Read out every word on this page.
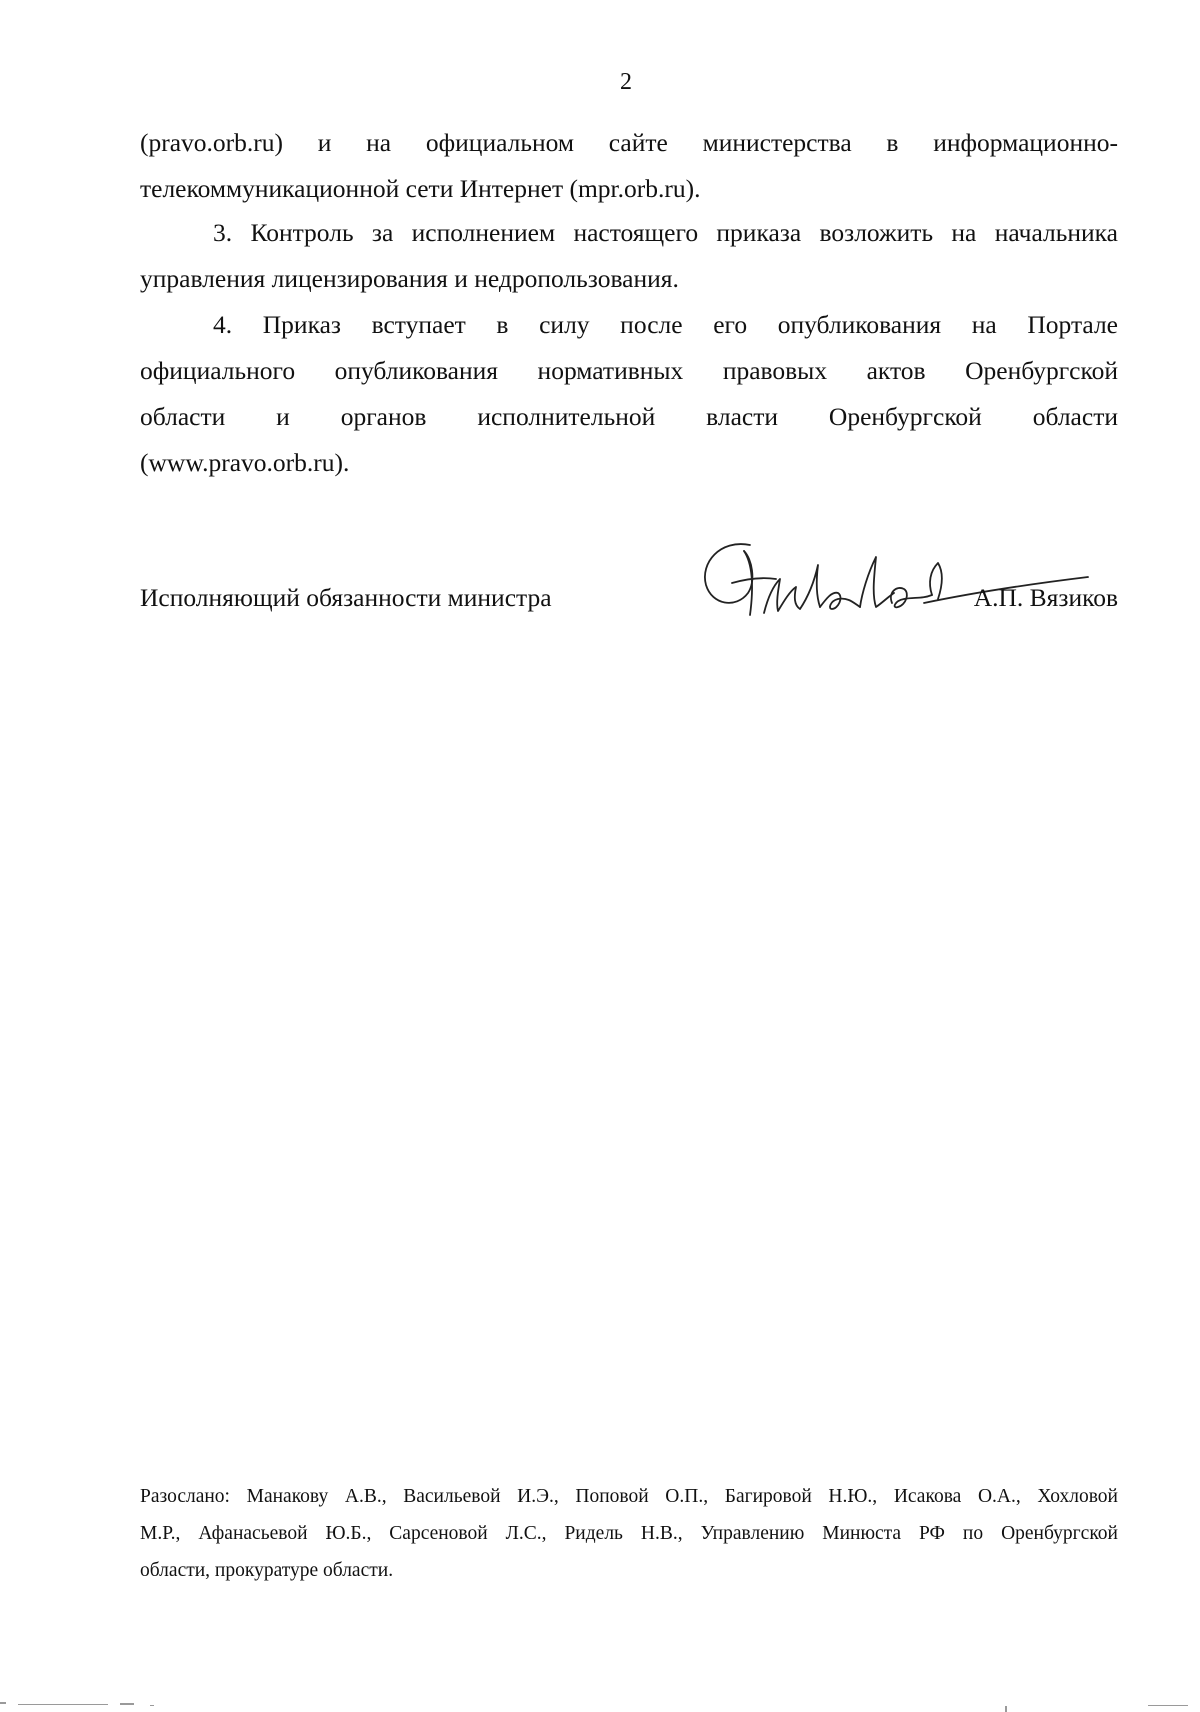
2
(pravo.orb.ru) и на официальном сайте министерства в информационно-
телекоммуникационной сети Интернет (mpr.orb.ru).
3. Контроль за исполнением настоящего приказа возложить на начальника
управления лицензирования и недропользования.
4. Приказ вступает в силу после его опубликования на Портале
официального опубликования нормативных правовых актов Оренбургской
области и органов исполнительной власти Оренбургской области
(www.pravo.orb.ru).
Исполняющий обязанности министра	А.П. Вязиков
Разослано: Манакову А.В., Васильевой И.Э., Поповой О.П., Багировой Н.Ю., Исакова О.А., Хохловой
М.Р., Афанасьевой Ю.Б., Сарсеновой Л.С., Ридель Н.В., Управлению Минюста РФ по Оренбургской
области, прокуратуре области.
